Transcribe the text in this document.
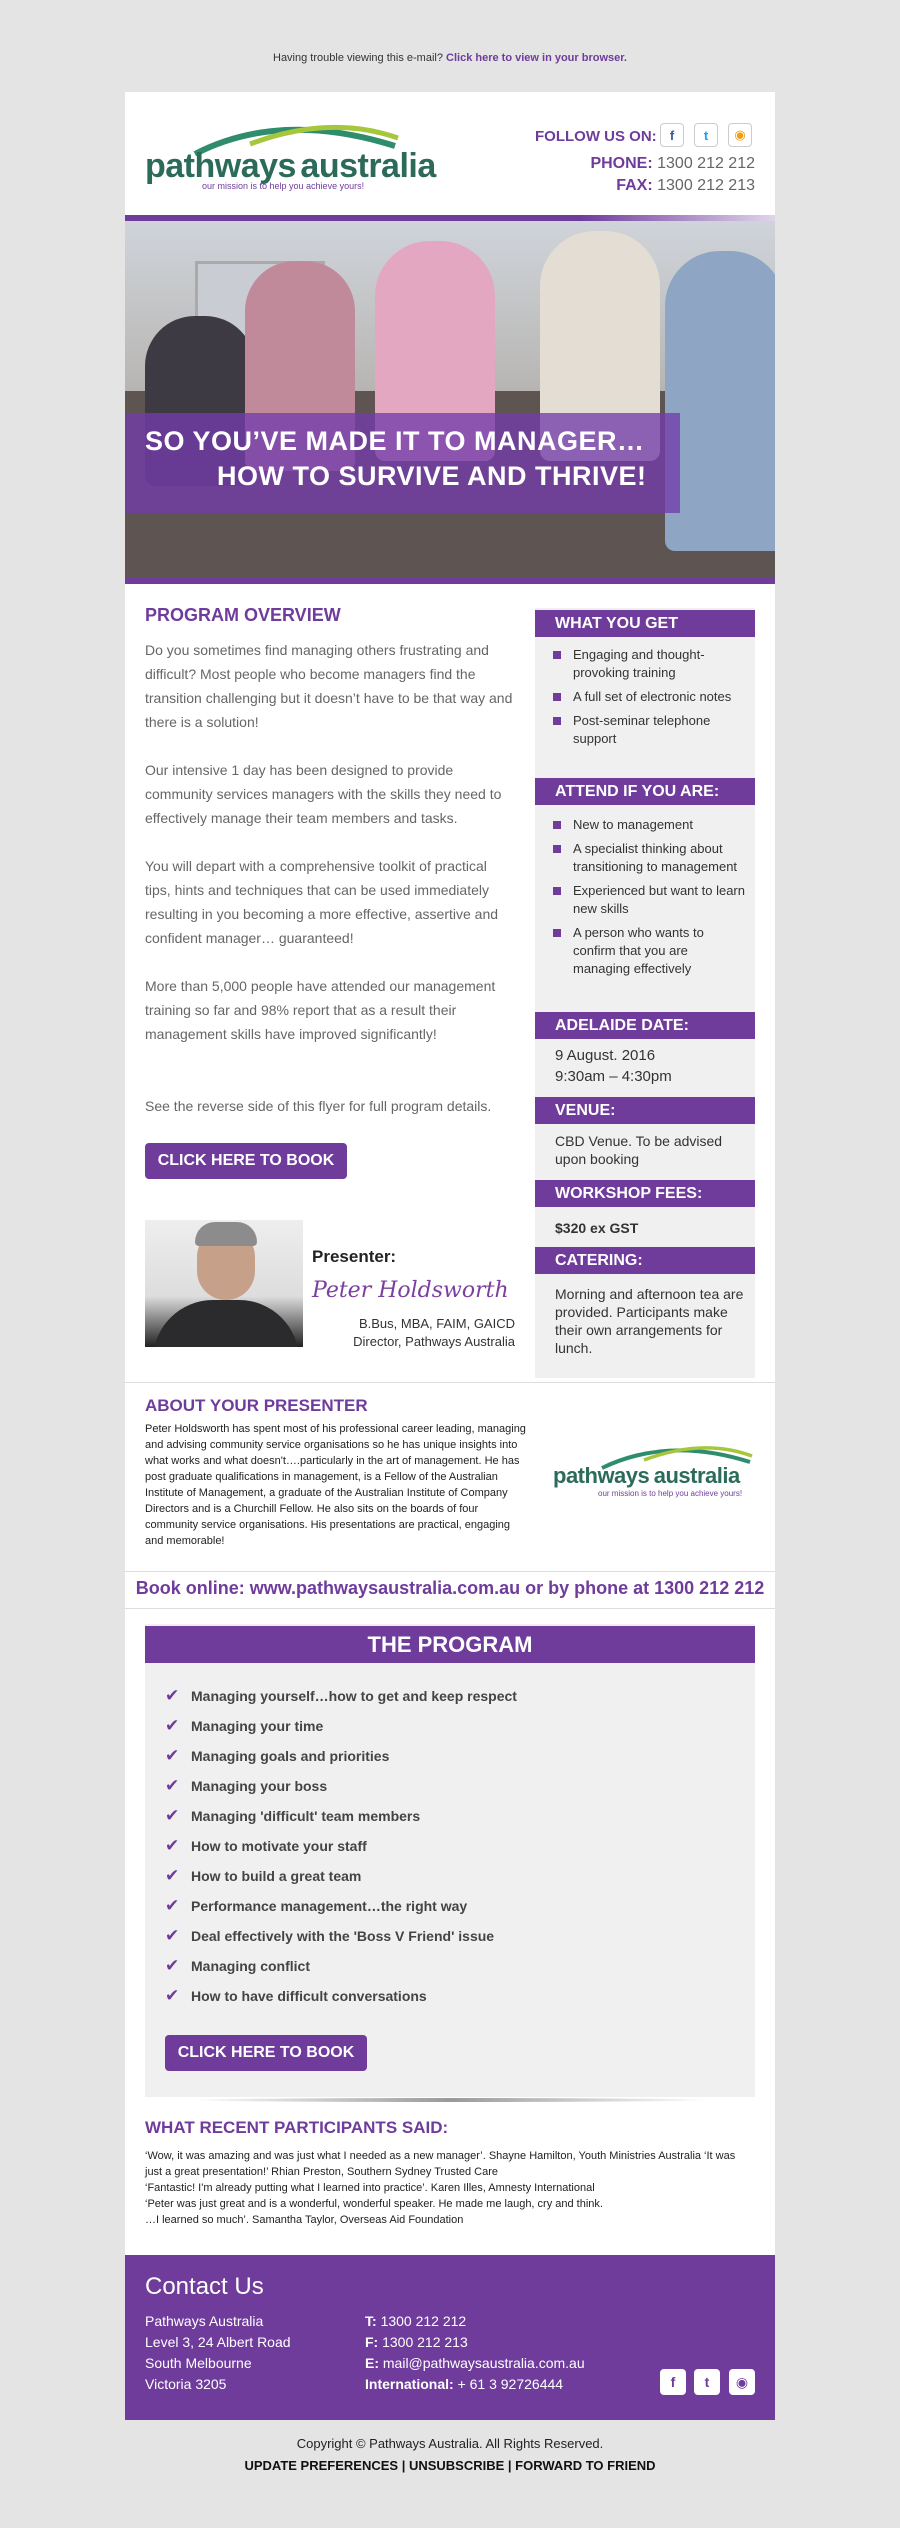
Having trouble viewing this e-mail? Click here to view in your browser.
pathways australia
our mission is to help you achieve yours!
FOLLOW US ON:	f	t	◉
PHONE: 1300 212 212
FAX: 1300 212 213
SO YOU’VE MADE IT TO MANAGER…
HOW TO SURVIVE AND THRIVE!
PROGRAM OVERVIEW
Do you sometimes find managing others frustrating and difficult? Most people who become managers find the transition challenging but it doesn’t have to be that way and there is a solution!
Our intensive 1 day has been designed to provide community services managers with the skills they need to effectively manage their team members and tasks.
You will depart with a comprehensive toolkit of practical tips, hints and techniques that can be used immediately resulting in you becoming a more effective, assertive and confident manager… guaranteed!
More than 5,000 people have attended our management training so far and 98% report that as a result their management skills have improved significantly!
See the reverse side of this flyer for full program details.
CLICK HERE TO BOOK
WHAT YOU GET
Engaging and thought-provoking training
A full set of electronic notes
Post-seminar telephone support
ATTEND IF YOU ARE:
New to management
A specialist thinking about transitioning to management
Experienced but want to learn new skills
A person who wants to confirm that you are managing effectively
ADELAIDE DATE:
9 August. 2016
9:30am – 4:30pm
VENUE:
CBD Venue. To be advised upon booking
WORKSHOP FEES:
$320 ex GST
CATERING:
Morning and afternoon tea are provided. Participants make their own arrangements for lunch.
Presenter:
Peter Holdsworth
B.Bus, MBA, FAIM, GAICD
Director, Pathways Australia
ABOUT YOUR PRESENTER
Peter Holdsworth has spent most of his professional career leading, managing and advising community service organisations so he has unique insights into what works and what doesn't….particularly in the art of management. He has post graduate qualifications in management, is a Fellow of the Australian Institute of Management, a graduate of the Australian Institute of Company Directors and is a Churchill Fellow. He also sits on the boards of four community service organisations. His presentations are practical, engaging and memorable!
pathways australia
our mission is to help you achieve yours!
Book online: www.pathwaysaustralia.com.au or by phone at 1300 212 212
THE PROGRAM
✔ Managing yourself…how to get and keep respect
✔ Managing your time
✔ Managing goals and priorities
✔ Managing your boss
✔ Managing 'difficult' team members
✔ How to motivate your staff
✔ How to build a great team
✔ Performance management…the right way
✔ Deal effectively with the 'Boss V Friend' issue
✔ Managing conflict
✔ How to have difficult conversations
CLICK HERE TO BOOK
WHAT RECENT PARTICIPANTS SAID:
‘Wow, it was amazing and was just what I needed as a new manager’. Shayne Hamilton, Youth Ministries Australia ‘It was just a great presentation!’ Rhian Preston, Southern Sydney Trusted Care
‘Fantastic! I'm already putting what I learned into practice’. Karen Illes, Amnesty International
‘Peter was just great and is a wonderful, wonderful speaker. He made me laugh, cry and think.
…I learned so much’. Samantha Taylor, Overseas Aid Foundation
Contact Us
Pathways Australia
Level 3, 24 Albert Road
South Melbourne
Victoria 3205
T: 1300 212 212
F: 1300 212 213
E: mail@pathwaysaustralia.com.au
International: + 61 3 92726444	f	t	◉
Copyright © Pathways Australia. All Rights Reserved.
UPDATE PREFERENCES | UNSUBSCRIBE | FORWARD TO FRIEND
